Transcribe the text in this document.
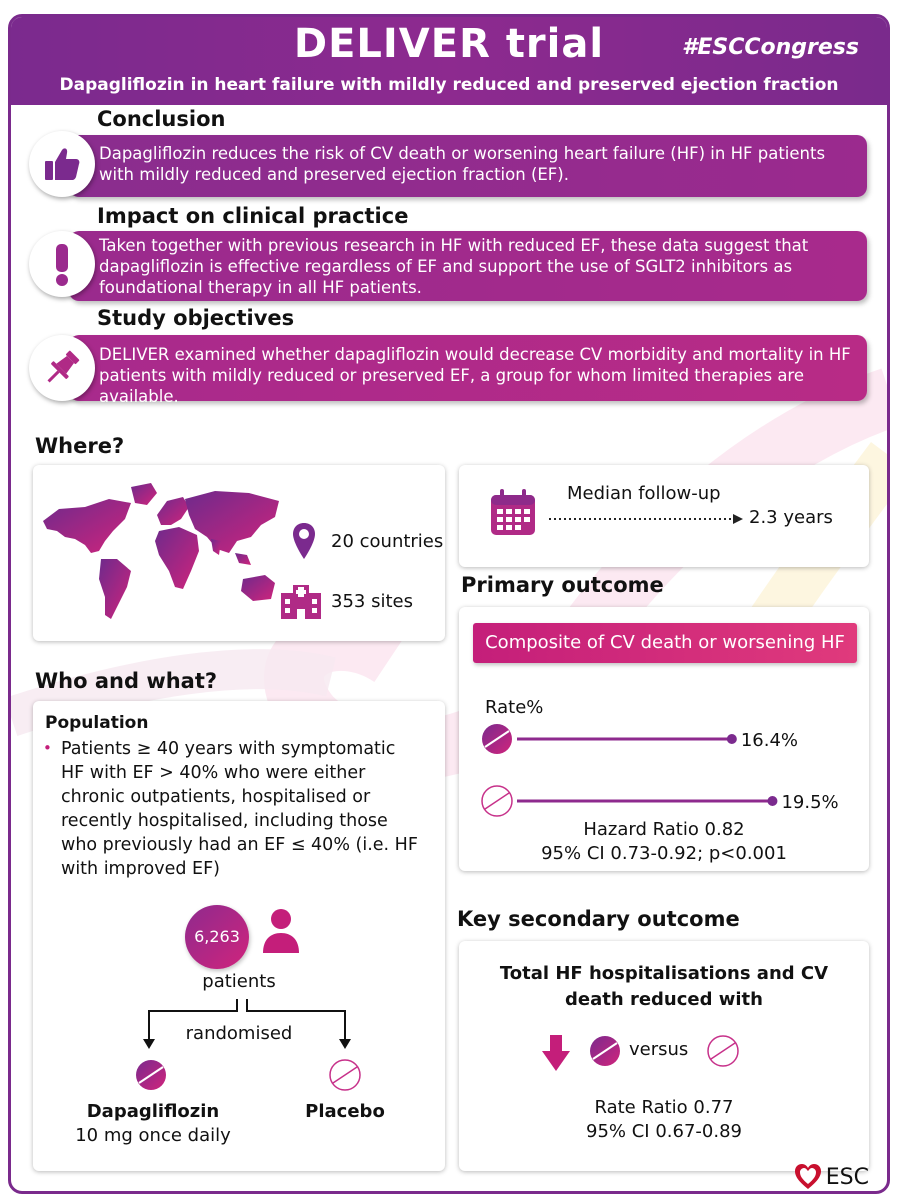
DELIVER trial	#ESCCongress
Dapagliflozin in heart failure with mildly reduced and preserved ejection fraction
Conclusion
Dapagliflozin reduces the risk of CV death or worsening heart failure (HF) in HF patients with mildly reduced and preserved ejection fraction (EF).
Impact on clinical practice
Taken together with previous research in HF with reduced EF, these data suggest that dapagliflozin is effective regardless of EF and support the use of SGLT2 inhibitors as foundational therapy in all HF patients.
Study objectives
DELIVER examined whether dapagliflozin would decrease CV morbidity and mortality in HF patients with mildly reduced or preserved EF, a group for whom limited therapies are available.
Where?
20 countries
353 sites
Median follow-up
2.3 years
Primary outcome
Composite of CV death or worsening HF
Rate%
16.4%
19.5%
Hazard Ratio 0.82
95% CI 0.73-0.92; p<0.001
Who and what?
Population
• Patients ≥ 40 years with symptomatic HF with EF > 40% who were either chronic outpatients, hospitalised or recently hospitalised, including those who previously had an EF ≤ 40% (i.e. HF with improved EF)
6,263
patients
randomised
Dapagliflozin
10 mg once daily
Placebo
Key secondary outcome
Total HF hospitalisations and CV death reduced with
versus
Rate Ratio 0.77
95% CI 0.67-0.89
ESC
